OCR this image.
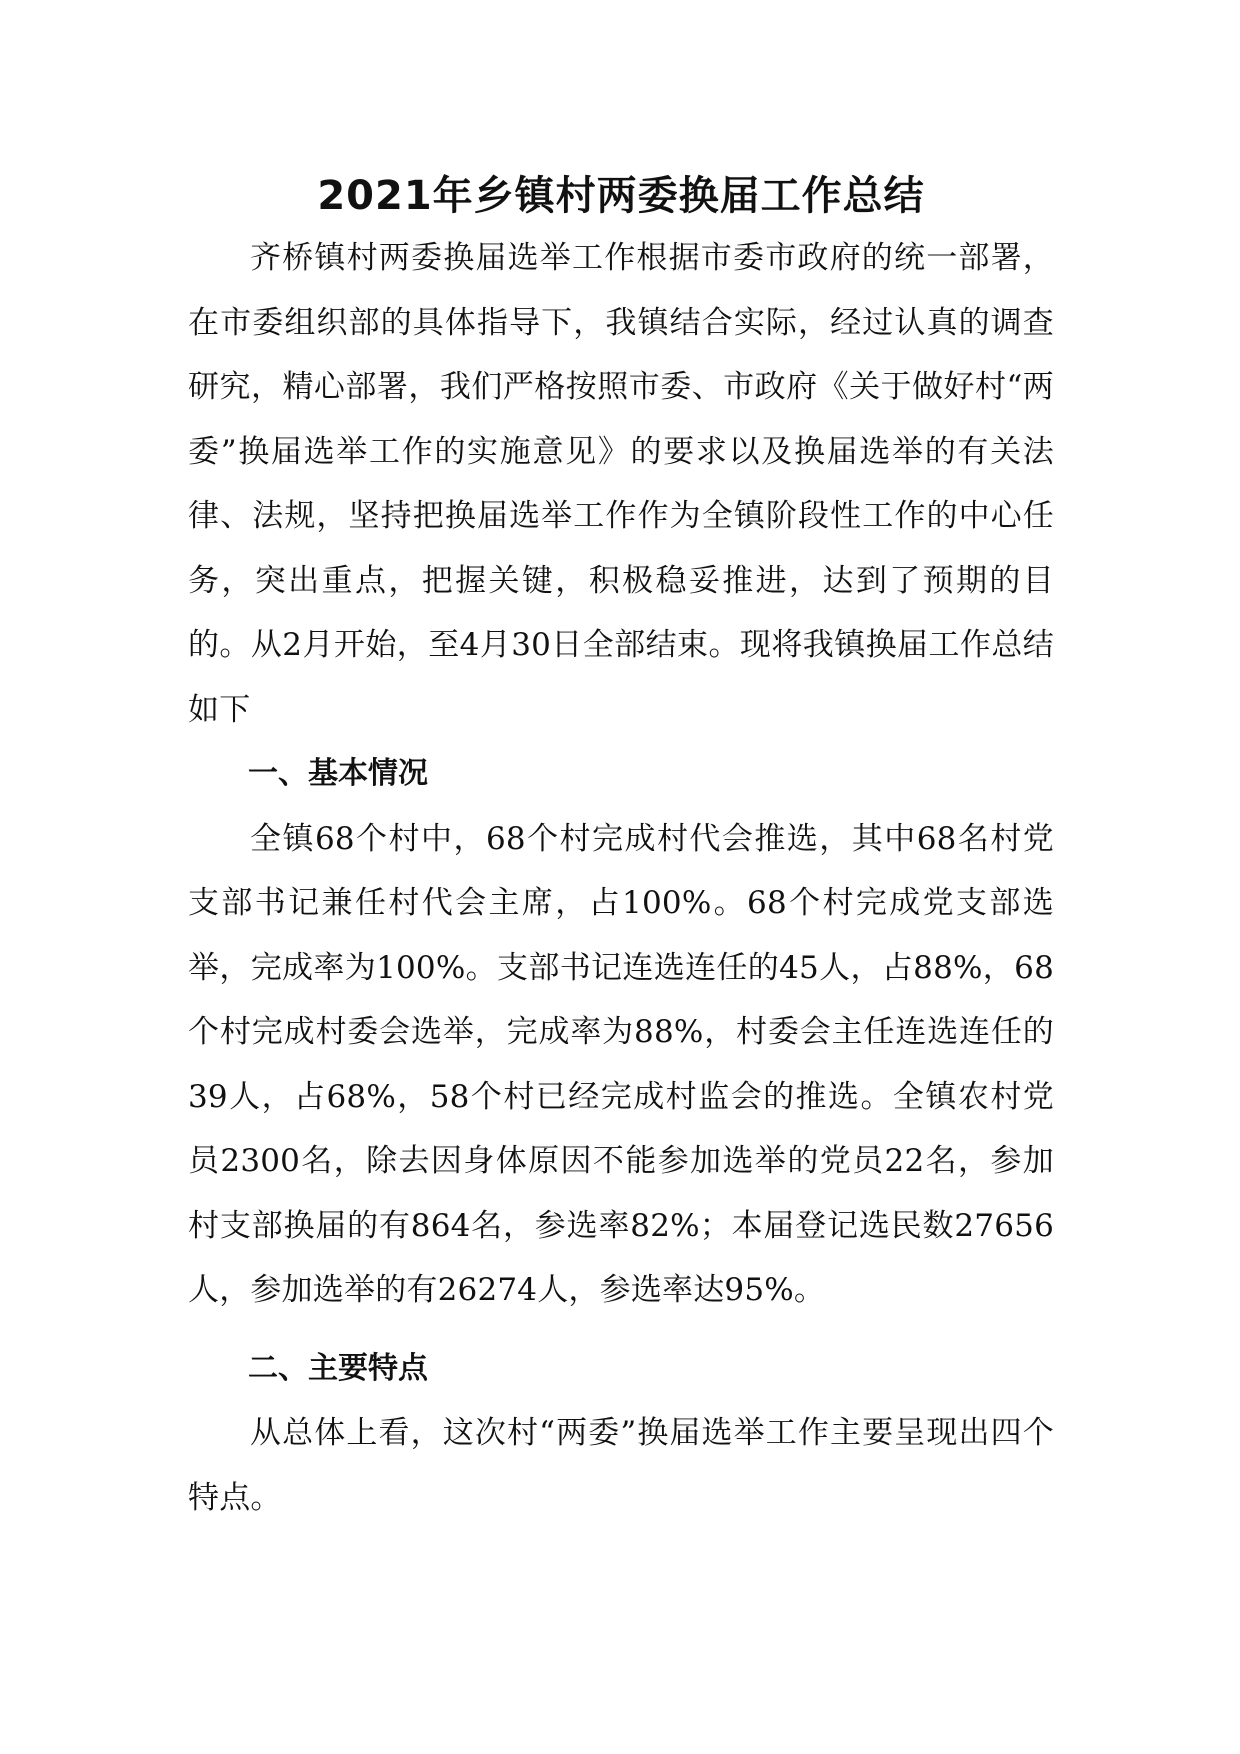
2021年乡镇村两委换届工作总结

齐桥镇村两委换届选举工作根据市委市政府的统一部署，在市委组织部的具体指导下，我镇结合实际，经过认真的调查研究，精心部署，我们严格按照市委、市政府《关于做好村“两委”换届选举工作的实施意见》的要求以及换届选举的有关法律、法规，坚持把换届选举工作作为全镇阶段性工作的中心任务，突出重点，把握关键，积极稳妥推进，达到了预期的目的。从2月开始，至4月30日全部结束。现将我镇换届工作总结如下

一、基本情况

全镇68个村中，68个村完成村代会推选，其中68名村党支部书记兼任村代会主席，占100%。68个村完成党支部选举，完成率为100%。支部书记连选连任的45人，占88%，68个村完成村委会选举，完成率为88%，村委会主任连选连任的39人，占68%，58个村已经完成村监会的推选。全镇农村党员2300名，除去因身体原因不能参加选举的党员22名，参加村支部换届的有864名，参选率82%；本届登记选民数27656人，参加选举的有26274人，参选率达95%。

二、主要特点

从总体上看，这次村“两委”换届选举工作主要呈现出四个特点。
